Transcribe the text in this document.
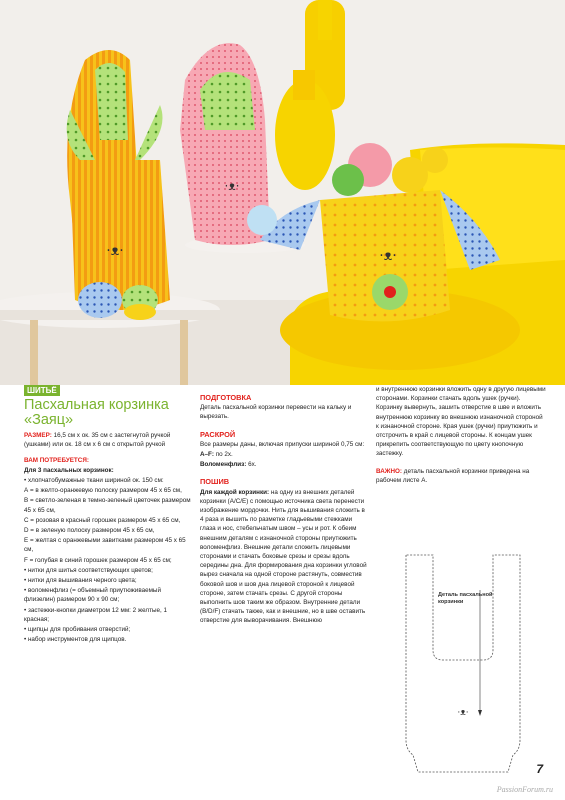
·ᴥ·
·ᴥ·
·ᴥ·
ШИТЬЁ
Пасхальная корзинка «Заяц»

РАЗМЕР: 16,5 см х ок. 35 см с застегнутой ручкой (ушками) или ок. 18 см х 6 см с открытой ручкой

ВАМ ПОТРЕБУЕТСЯ:

Для 3 пасхальных корзинок:

• хлопчатобумажные ткани шириной ок. 150 см:

А = в желто-оранжевую полоску размером 45 х 65 см,

В = светло-зеленая в темно-зеленый цветочек размером 45 х 65 см,

С = розовая в красный горошек размером 45 х 65 см,

D = в зеленую полоску размером 45 х 65 см,

Е = желтая с оранжевыми завитками размером 45 х 65 см,

F = голубая в синий горошек размером 45 х 65 см;

• нитки для шитья соответствующих цветов;

• нитки для вышивания черного цвета;

• воломенфлиз (= объемный приутюживаемый флизелин) размером 90 х 90 см;

• застежки-кнопки диаметром 12 мм: 2 желтые, 1 красная;

• щипцы для пробивания отверстий;

• набор инструментов для щипцов.

ПОДГОТОВКА

Деталь пасхальной корзинки перевести на кальку и вырезать.

РАСКРОЙ

Все размеры даны, включая припуски шириной 0,75 см:

A–F: по 2х.

Воломенфлиз: 6х.

ПОШИВ

Для каждой корзинки: на одну из внешних деталей корзинки (A/C/E) с помощью источника света перенести изображение мордочки. Нить для вышивания сложить в 4 раза и вышить по разметке гладьевыми стежками глаза и нос, стебельчатым швом – усы и рот. К обеим внешним деталям с изнаночной стороны приутюжить воломенфлиз. Внешние детали сложить лицевыми сторонами и стачать боковые срезы и срезы вдоль середины дна. Для формирования дна корзинки угловой вырез сначала на одной стороне растянуть, совместив боковой шов и шов дна лицевой стороной к лицевой стороне, затем стачать срезы. С другой стороны выполнить шов таким же образом. Внутренние детали (B/D/F) стачать также, как и внешние, но в шве оставить отверстие для выворачивания. Внешнюю

и внутреннюю корзинки вложить одну в другую лицевыми сторонами. Корзинки стачать вдоль ушек (ручки). Корзинку вывернуть, зашить отверстие в шве и вложить внутреннюю корзинку во внешнюю изнаночной стороной к изнаночной стороне. Края ушек (ручки) приутюжить и отстрочить в край с лицевой стороны. К концам ушек прикрепить соответствующую по цвету кнопочную застежку.

ВАЖНО: деталь пасхальной корзинки приведена на рабочем листе А.

·ᴥ·
Деталь пасхальной корзинки
7
PassionForum.ru
